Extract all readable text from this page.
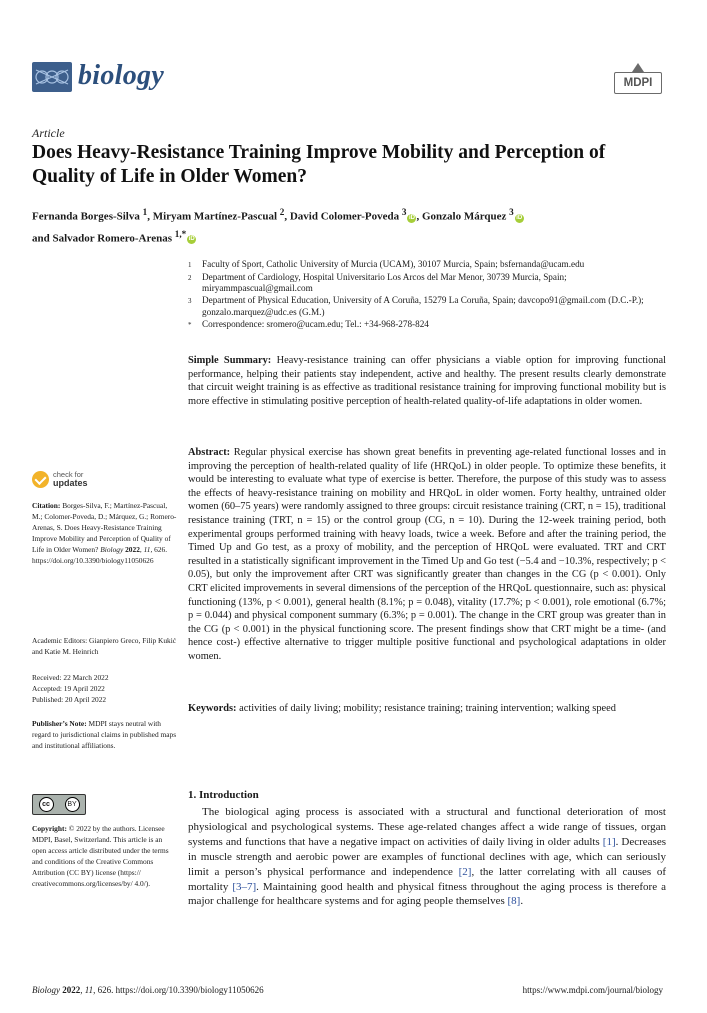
biology	MDPI
Article
Does Heavy-Resistance Training Improve Mobility and Perception of Quality of Life in Older Women?
Fernanda Borges-Silva $^1$, Miryam Martínez-Pascual $^2$, David Colomer-Poveda $^3$iD , Gonzalo Márquez $^3$iD
and Salvador Romero-Arenas $^{1,*}$iD
1	Faculty of Sport, Catholic University of Murcia (UCAM), 30107 Murcia, Spain; bsfernanda@ucam.edu
2	Department of Cardiology, Hospital Universitario Los Arcos del Mar Menor, 30739 Murcia, Spain; miryammpascual@gmail.com
3	Department of Physical Education, University of A Coruña, 15279 La Coruña, Spain; davcopo91@gmail.com (D.C.-P.); gonzalo.marquez@udc.es (G.M.)
*	Correspondence: sromero@ucam.edu; Tel.: +34-968-278-824
Simple Summary: Heavy-resistance training can offer physicians a viable option for improving functional performance, helping their patients stay independent, active and healthy. The present results clearly demonstrate that circuit weight training is as effective as traditional resistance training for improving functional mobility but is more effective in stimulating positive perception of health-related quality-of-life adaptations in older women.
Abstract: Regular physical exercise has shown great benefits in preventing age-related functional losses and in improving the perception of health-related quality of life (HRQoL) in older people. To optimize these benefits, it would be interesting to evaluate what type of exercise is better. Therefore, the purpose of this study was to assess the effects of heavy-resistance training on mobility and HRQoL in older women. Forty healthy, untrained older women (60–75 years) were randomly assigned to three groups: circuit resistance training (CRT, n = 15), traditional resistance training (TRT, n = 15) or the control group (CG, n = 10). During the 12-week training period, both experimental groups performed training with heavy loads, twice a week. Before and after the training period, the Timed Up and Go test, as a proxy of mobility, and the perception of HRQoL were evaluated. TRT and CRT resulted in a statistically significant improvement in the Timed Up and Go test (−5.4 and −10.3%, respectively; p < 0.05), but only the improvement after CRT was significantly greater than changes in the CG (p < 0.001). Only CRT elicited improvements in several dimensions of the perception of the HRQoL questionnaire, such as: physical functioning (13%, p < 0.001), general health (8.1%; p = 0.048), vitality (17.7%; p < 0.001), role emotional (6.7%; p = 0.044) and physical component summary (6.3%; p = 0.001). The change in the CRT group was greater than in the CG (p < 0.001) in the physical functioning score. The present findings show that CRT might be a time- (and hence cost-) effective alternative to trigger multiple positive functional and psychological adaptations in older women.
Keywords: activities of daily living; mobility; resistance training; training intervention; walking speed
1. Introduction

The biological aging process is associated with a structural and functional deterioration of most physiological and psychological systems. These age-related changes affect a wide range of tissues, organ systems and functions that have a negative impact on activities of daily living in older adults [1]. Decreases in muscle strength and aerobic power are examples of functional declines with age, which can seriously limit a person’s physical performance and independence [2], the latter correlating with all causes of mortality [3–7]. Maintaining good health and physical fitness throughout the aging process is therefore a major challenge for healthcare systems and for aging people themselves [8].

check for
updates
Citation: Borges-Silva, F.; Martínez-Pascual, M.; Colomer-Poveda, D.; Márquez, G.; Romero-Arenas, S. Does Heavy-Resistance Training Improve Mobility and Perception of Quality of Life in Older Women? Biology 2022, 11, 626. https://doi.org/10.3390/biology11050626
Academic Editors: Gianpiero Greco, Filip Kukić and Katie M. Heinrich
Received: 22 March 2022
Accepted: 19 April 2022
Published: 20 April 2022
Publisher’s Note: MDPI stays neutral with regard to jurisdictional claims in published maps and institutional affiliations.
cc	BY
Copyright: © 2022 by the authors. Licensee MDPI, Basel, Switzerland. This article is an open access article distributed under the terms and conditions of the Creative Commons Attribution (CC BY) license (https:// creativecommons.org/licenses/by/ 4.0/).
Biology 2022, 11, 626. https://doi.org/10.3390/biology11050626	https://www.mdpi.com/journal/biology
